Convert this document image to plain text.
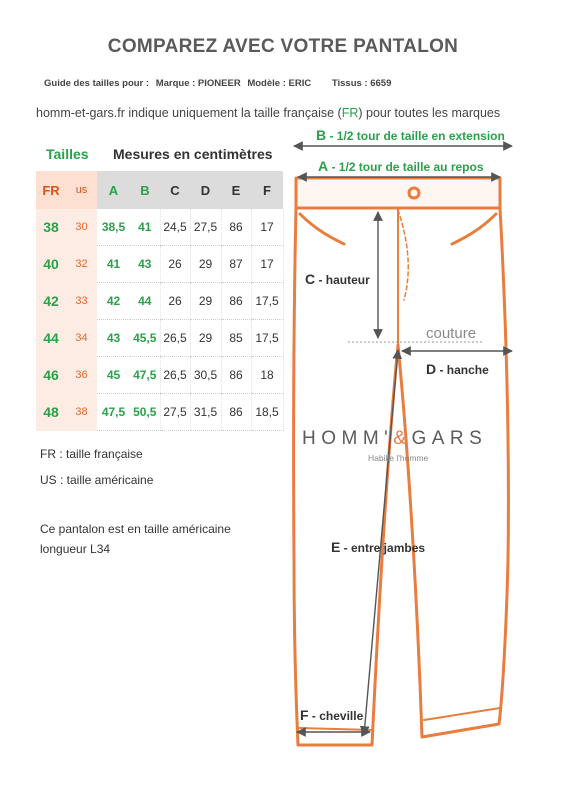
COMPAREZ AVEC VOTRE PANTALON
Guide des tailles pour : Marque : PIONEER Modèle : ERIC Tissus : 6659
homm-et-gars.fr indique uniquement la taille française (FR) pour toutes les marques
Tailles Mesures en centimètres
FR	us	A	B	C	D	E	F
38	30	38,5	41	24,5	27,5	86	17
40	32	41	43	26	29	87	17
42	33	42	44	26	29	86	17,5
44	34	43	45,5	26,5	29	85	17,5
46	36	45	47,5	26,5	30,5	86	18
48	38	47,5	50,5	27,5	31,5	86	18,5
FR : taille française
US : taille américaine
Ce pantalon est en taille américaine
longueur L34
B - 1/2 tour de taille en extension
A - 1/2 tour de taille au repos
C - hauteur
couture
D - hanche
HOMM'&GARS
Habille l'homme
E - entre jambes
F - cheville
